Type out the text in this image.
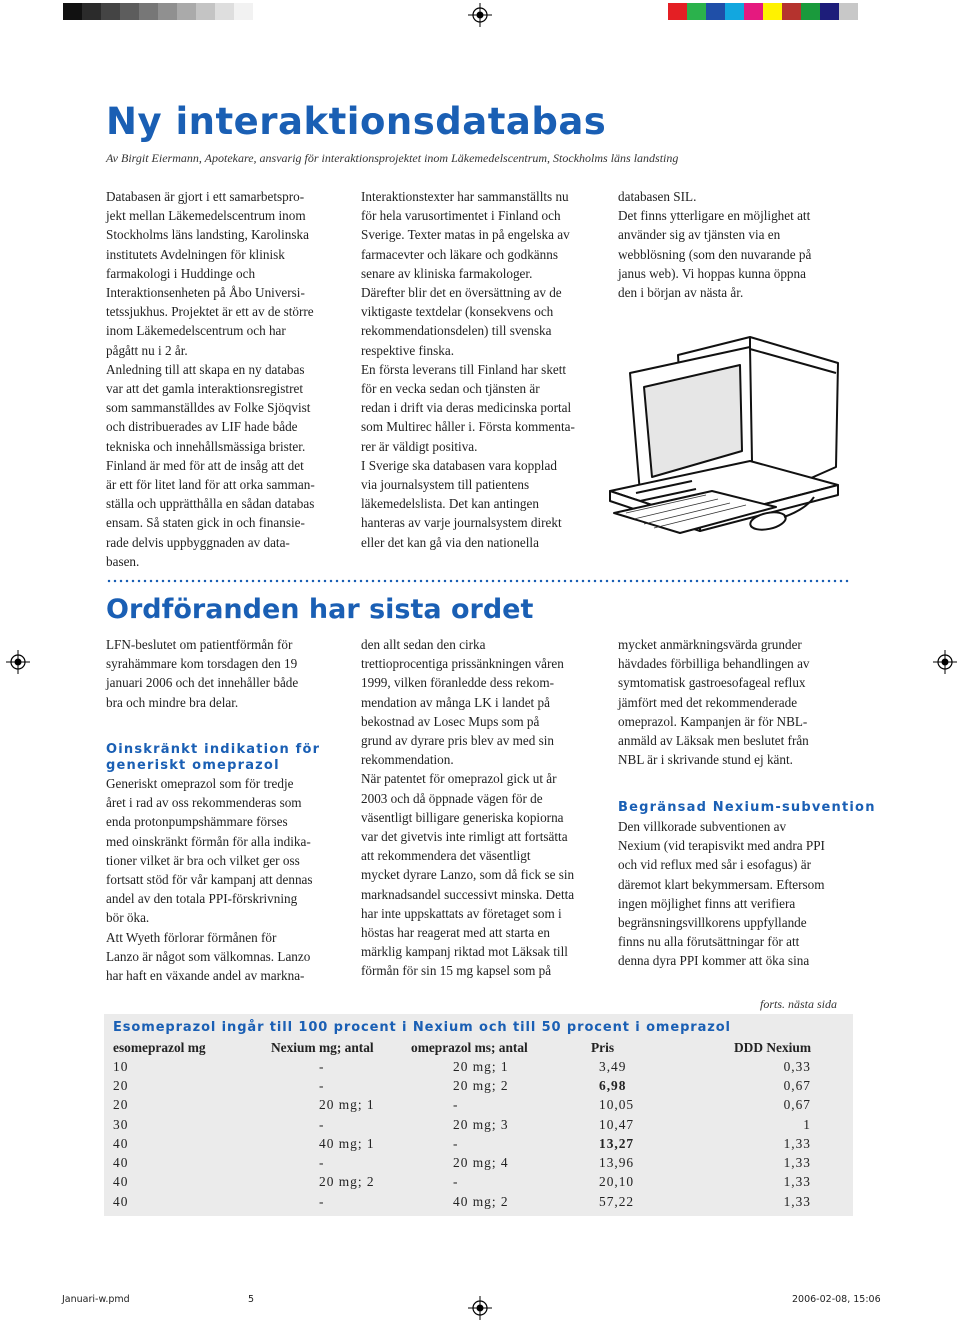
Ny interaktionsdatabas
Av Birgit Eiermann, Apotekare, ansvarig för interaktionsprojektet inom Läkemedelscentrum, Stockholms läns landsting

Databasen är gjort i ett samarbetspro-

jekt mellan Läkemedelscentrum inom

Stockholms läns landsting, Karolinska

institutets Avdelningen för klinisk

farmakologi i Huddinge och

Interaktionsenheten på Åbo Universi-

tetssjukhus. Projektet är ett av de större

inom Läkemedelscentrum och har

pågått nu i 2 år.

Anledning till att skapa en ny databas

var att det gamla interaktionsregistret

som sammanställdes av Folke Sjöqvist

och distribuerades av LIF hade både

tekniska och innehållsmässiga brister.

Finland är med för att de insåg att det

är ett för litet land för att orka samman-

ställa och upprätthålla en sådan databas

ensam. Så staten gick in och finansie-

rade delvis uppbyggnaden av data-

basen.

Interaktionstexter har sammanställts nu

för hela varusortimentet i Finland och

Sverige. Texter matas in på engelska av

farmacevter och läkare och godkänns

senare av kliniska farmakologer.

Därefter blir det en översättning av de

viktigaste textdelar (konsekvens och

rekommendationsdelen) till svenska

respektive finska.

En första leverans till Finland har skett

för en vecka sedan och tjänsten är

redan i drift via deras medicinska portal

som Multirec håller i. Första kommenta-

rer är väldigt positiva.

I Sverige ska databasen vara kopplad

via journalsystem till patientens

läkemedelslista. Det kan antingen

hanteras av varje journalsystem direkt

eller det kan gå via den nationella

databasen SIL.

Det finns ytterligare en möjlighet att

använder sig av tjänsten via en

webblösning (som den nuvarande på

janus web). Vi hoppas kunna öppna

den i början av nästa år.

Ordföranden har sista ordet

LFN-beslutet om patientförmån för

syrahämmare kom torsdagen den 19

januari 2006 och det innehåller både

bra och mindre bra delar.

Oinskränkt indikation för
generiskt omeprazol

Generiskt omeprazol som för tredje

året i rad av oss rekommenderas som

enda protonpumpshämmare förses

med oinskränkt förmån för alla indika-

tioner vilket är bra och vilket ger oss

fortsatt stöd för vår kampanj att dennas

andel av den totala PPI-förskrivning

bör öka.

Att Wyeth förlorar förmånen för

Lanzo är något som välkomnas. Lanzo

har haft en växande andel av markna-

den allt sedan den cirka

trettioprocentiga prissänkningen våren

1999, vilken föranledde dess rekom-

mendation av många LK i landet på

bekostnad av Losec Mups som på

grund av dyrare pris blev av med sin

rekommendation.

När patentet för omeprazol gick ut år

2003 och då öppnade vägen för de

väsentligt billigare generiska kopiorna

var det givetvis inte rimligt att fortsätta

att rekommendera det väsentligt

mycket dyrare Lanzo, som då fick se sin

marknadsandel successivt minska. Detta

har inte uppskattats av företaget som i

höstas har reagerat med att starta en

märklig kampanj riktad mot Läksak till

förmån för sin 15 mg kapsel som på

mycket anmärkningsvärda grunder

hävdades förbilliga behandlingen av

symtomatisk gastroesofageal reflux

jämfört med det rekommenderade

omeprazol. Kampanjen är för NBL-

anmäld av Läksak men beslutet från

NBL är i skrivande stund ej känt.

Begränsad Nexium-subvention

Den villkorade subventionen av

Nexium (vid terapisvikt med andra PPI

och vid reflux med sår i esofagus) är

däremot klart bekymmersam. Eftersom

ingen möjlighet finns att verifiera

begränsningsvillkorens uppfyllande

finns nu alla förutsättningar för att

denna dyra PPI kommer att öka sina

forts. nästa sida
Esomeprazol ingår till 100 procent i Nexium och till 50 procent i omeprazol
esomeprazol mg	Nexium mg; antal	omeprazol ms; antal	Pris	DDD Nexium
10	-	20 mg; 1	3,49	0,33
20	-	20 mg; 2	6,98	0,67
20	20 mg; 1	-	10,05	0,67
30	-	20 mg; 3	10,47	1
40	40 mg; 1	-	13,27	1,33
40	-	20 mg; 4	13,96	1,33
40	20 mg; 2	-	20,10	1,33
40	-	40 mg; 2	57,22	1,33
Januari-w.pmd	5	2006-02-08, 15:06
